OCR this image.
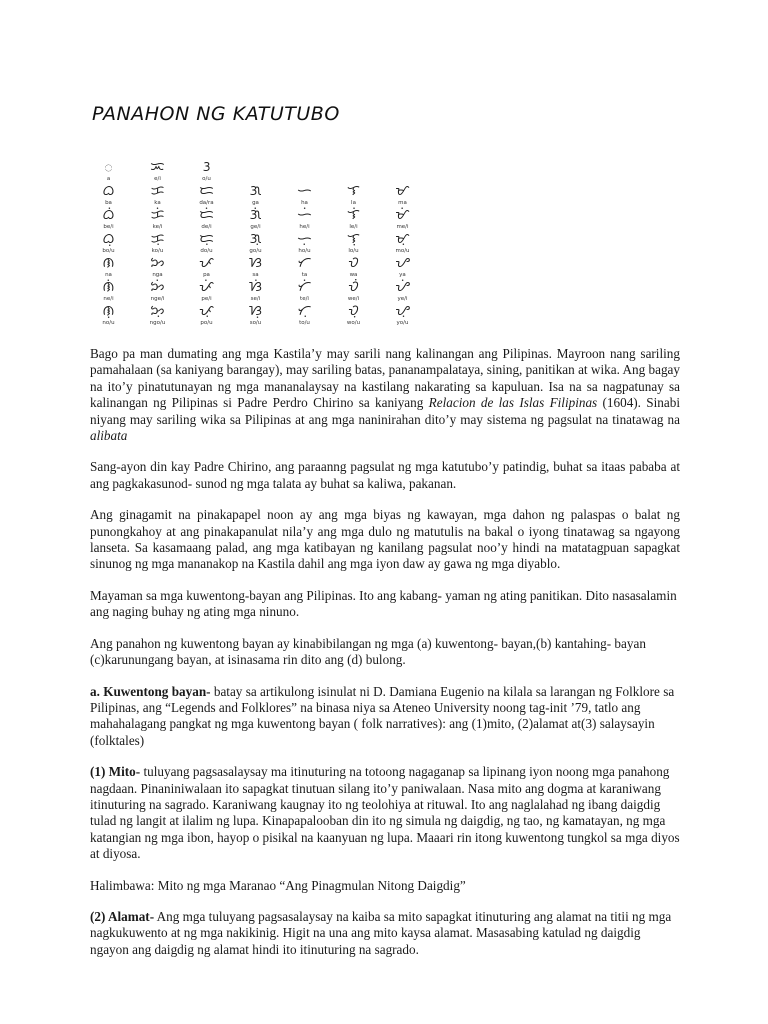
PANAHON NG KATUTUBO
ᜀ
a
ᜁ
e/i
ᜂ
o/u
ᜊ
ba
ᜃ
ka
ᜇ
da/ra
ᜄ
ga
ᜑ
ha
ᜎ
la
ᜋ
ma
ᜊᜒ
be/i
ᜃᜒ
ke/i
ᜇᜒ
de/i
ᜄᜒ
ge/i
ᜑᜒ
he/i
ᜎᜒ
le/i
ᜋᜒ
me/i
ᜊᜓ
bo/u
ᜃᜓ
ko/u
ᜇᜓ
do/u
ᜄᜓ
go/u
ᜑᜓ
ho/u
ᜎᜓ
lo/u
ᜋᜓ
mo/u
ᜈ
na
ᜅ
nga
ᜉ
pa
ᜐ
sa
ᜆ
ta
ᜏ
wa
ᜌ
ya
ᜈᜒ
ne/i
ᜅᜒ
nge/i
ᜉᜒ
pe/i
ᜐᜒ
se/i
ᜆᜒ
te/i
ᜏᜒ
we/i
ᜌᜒ
ye/i
ᜈᜓ
no/u
ᜅᜓ
ngo/u
ᜉᜓ
po/u
ᜐᜓ
so/u
ᜆᜓ
to/u
ᜏᜓ
wo/u
ᜌᜓ
yo/u

Bago pa man dumating ang mga Kastila’y may sarili nang kalinangan ang Pilipinas. Mayroon nang sariling pamahalaan (sa kaniyang barangay), may sariling batas, pananampalataya, sining, panitikan at wika. Ang bagay na ito’y pinatutunayan ng mga mananalaysay na kastilang nakarating sa kapuluan. Isa na sa nagpatunay sa kalinangan ng Pilipinas si Padre Perdro Chirino sa kaniyang Relacion de las Islas Filipinas (1604). Sinabi niyang may sariling wika sa Pilipinas at ang mga naninirahan dito’y may sistema ng pagsulat na tinatawag na alibata

Sang-ayon din kay Padre Chirino, ang paraanng pagsulat ng mga katutubo’y patindig, buhat sa itaas pababa at ang pagkakasunod- sunod ng mga talata ay buhat sa kaliwa, pakanan.

Ang ginagamit na pinakapapel noon ay ang mga biyas ng kawayan, mga dahon ng palaspas o balat ng punongkahoy at ang pinakapanulat nila’y ang mga dulo ng matutulis na bakal o iyong tinatawag sa ngayong lanseta. Sa kasamaang palad, ang mga katibayan ng kanilang pagsulat noo’y hindi na matatagpuan sapagkat sinunog ng mga mananakop na Kastila dahil ang mga iyon daw ay gawa ng mga diyablo.

Mayaman sa mga kuwentong-bayan ang Pilipinas. Ito ang kabang- yaman ng ating panitikan. Dito nasasalamin ang naging buhay ng ating mga ninuno.

Ang panahon ng kuwentong bayan ay kinabibilangan ng mga (a) kuwentong- bayan,(b) kantahing- bayan (c)karunungang bayan, at isinasama rin dito ang (d) bulong.

a. Kuwentong bayan- batay sa artikulong isinulat ni D. Damiana Eugenio na kilala sa larangan ng Folklore sa Pilipinas, ang “Legends and Folklores” na binasa niya sa Ateneo University noong tag-init ’79, tatlo ang mahahalagang pangkat ng mga kuwentong bayan ( folk narratives): ang (1)mito, (2)alamat at(3) salaysayin (folktales)

(1) Mito- tuluyang pagsasalaysay ma itinuturing na totoong nagaganap sa lipinang iyon noong mga panahong nagdaan. Pinaniniwalaan ito sapagkat tinutuan silang ito’y paniwalaan. Nasa mito ang dogma at karaniwang itinuturing na sagrado. Karaniwang kaugnay ito ng teolohiya at rituwal. Ito ang naglalahad ng ibang daigdig tulad ng langit at ilalim ng lupa. Kinapapalooban din ito ng simula ng daigdig, ng tao, ng kamatayan, ng mga katangian ng mga ibon, hayop o pisikal na kaanyuan ng lupa. Maaari rin itong kuwentong tungkol sa mga diyos at diyosa.

Halimbawa: Mito ng mga Maranao “Ang Pinagmulan Nitong Daigdig”

(2) Alamat- Ang mga tuluyang pagsasalaysay na kaiba sa mito sapagkat itinuturing ang alamat na titii ng mga nagkukuwento at ng mga nakikinig. Higit na una ang mito kaysa alamat. Masasabing katulad ng daigdig ngayon ang daigdig ng alamat hindi ito itinuturing na sagrado.
